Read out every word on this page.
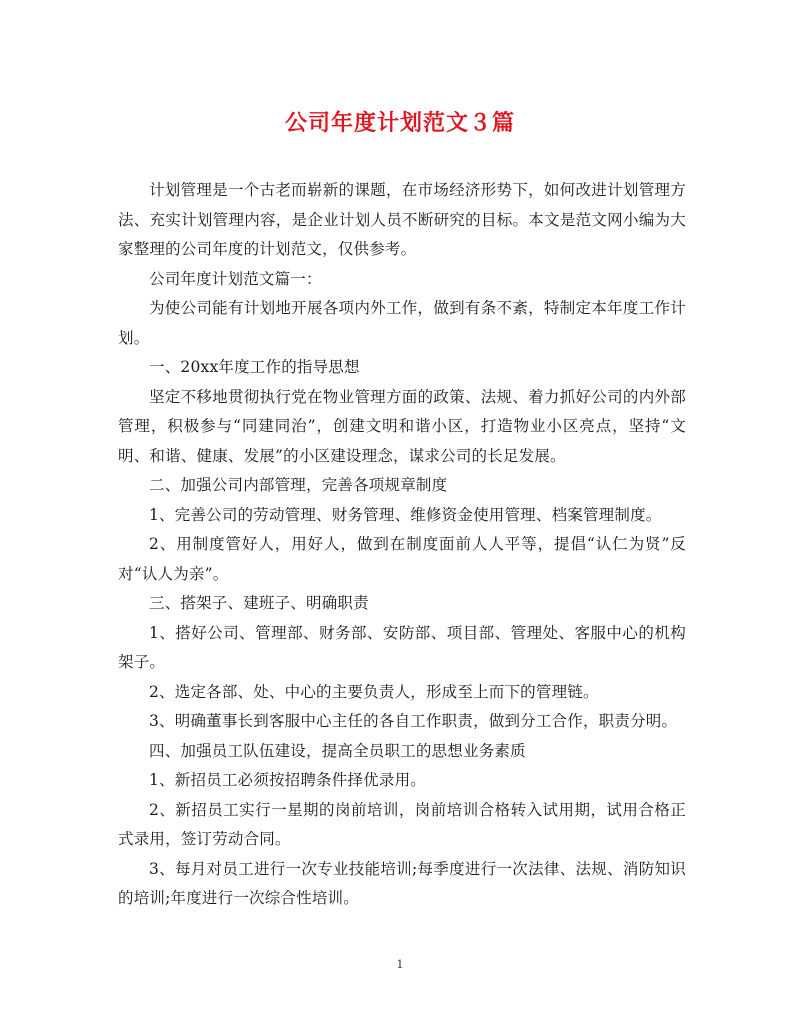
公司年度计划范文３篇

计划管理是一个古老而崭新的课题，在市场经济形势下，如何改进计划管理方法、充实计划管理内容，是企业计划人员不断研究的目标。本文是范文网小编为大家整理的公司年度的计划范文，仅供参考。

公司年度计划范文篇一：

为使公司能有计划地开展各项内外工作，做到有条不紊，特制定本年度工作计划。

一、20xx年度工作的指导思想

坚定不移地贯彻执行党在物业管理方面的政策、法规、着力抓好公司的内外部管理，积极参与“同建同治”，创建文明和谐小区，打造物业小区亮点，坚持“文明、和谐、健康、发展”的小区建设理念，谋求公司的长足发展。

二、加强公司内部管理，完善各项规章制度

1、完善公司的劳动管理、财务管理、维修资金使用管理、档案管理制度。

2、用制度管好人，用好人，做到在制度面前人人平等，提倡“认仁为贤”反对“认人为亲”。

三、搭架子、建班子、明确职责

1、搭好公司、管理部、财务部、安防部、项目部、管理处、客服中心的机构架子。

2、选定各部、处、中心的主要负责人，形成至上而下的管理链。

3、明确董事长到客服中心主任的各自工作职责，做到分工合作，职责分明。

四、加强员工队伍建设，提高全员职工的思想业务素质

1、新招员工必须按招聘条件择优录用。

2、新招员工实行一星期的岗前培训，岗前培训合格转入试用期，试用合格正式录用，签订劳动合同。

3、每月对员工进行一次专业技能培训;每季度进行一次法律、法规、消防知识的培训;年度进行一次综合性培训。

1
